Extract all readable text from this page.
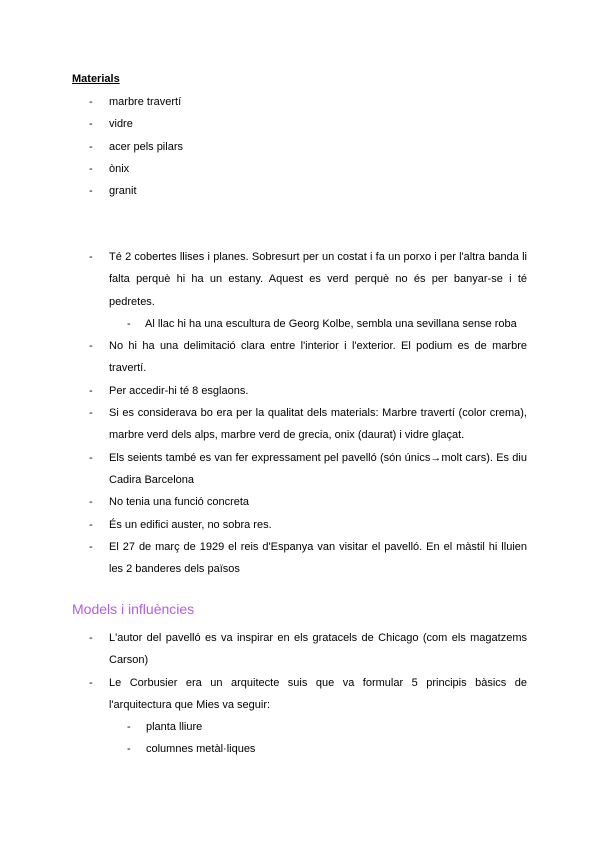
Materials
- marbre travertí
- vidre
- acer pels pilars
- ònix
- granit
- Té 2 cobertes llises i planes. Sobresurt per un costat i fa un porxo i per l'altra banda li falta perquè hi ha un estany. Aquest es verd perquè no és per banyar-se i té pedretes.
- Al llac hi ha una escultura de Georg Kolbe, sembla una sevillana sense roba
- No hi ha una delimitació clara entre l'interior i l'exterior. El podium es de marbre travertí.
- Per accedir-hi té 8 esglaons.
- Si es considerava bo era per la qualitat dels materials: Marbre travertí (color crema), marbre verd dels alps, marbre verd de grecia, onix (daurat) i vidre glaçat.
- Els seients també es van fer expressament pel pavelló (són únics→molt cars). Es diu Cadira Barcelona
- No tenia una funció concreta
- És un edifici auster, no sobra res.
- El 27 de març de 1929 el reis d'Espanya van visitar el pavelló. En el màstil hi lluien les 2 banderes dels països
Models i influències
- L'autor del pavelló es va inspirar en els gratacels de Chicago (com els magatzems Carson)
- Le Corbusier era un arquitecte suis que va formular 5 principis bàsics de l'arquitectura que Mies va seguir:
- planta lliure
- columnes metàl·liques
